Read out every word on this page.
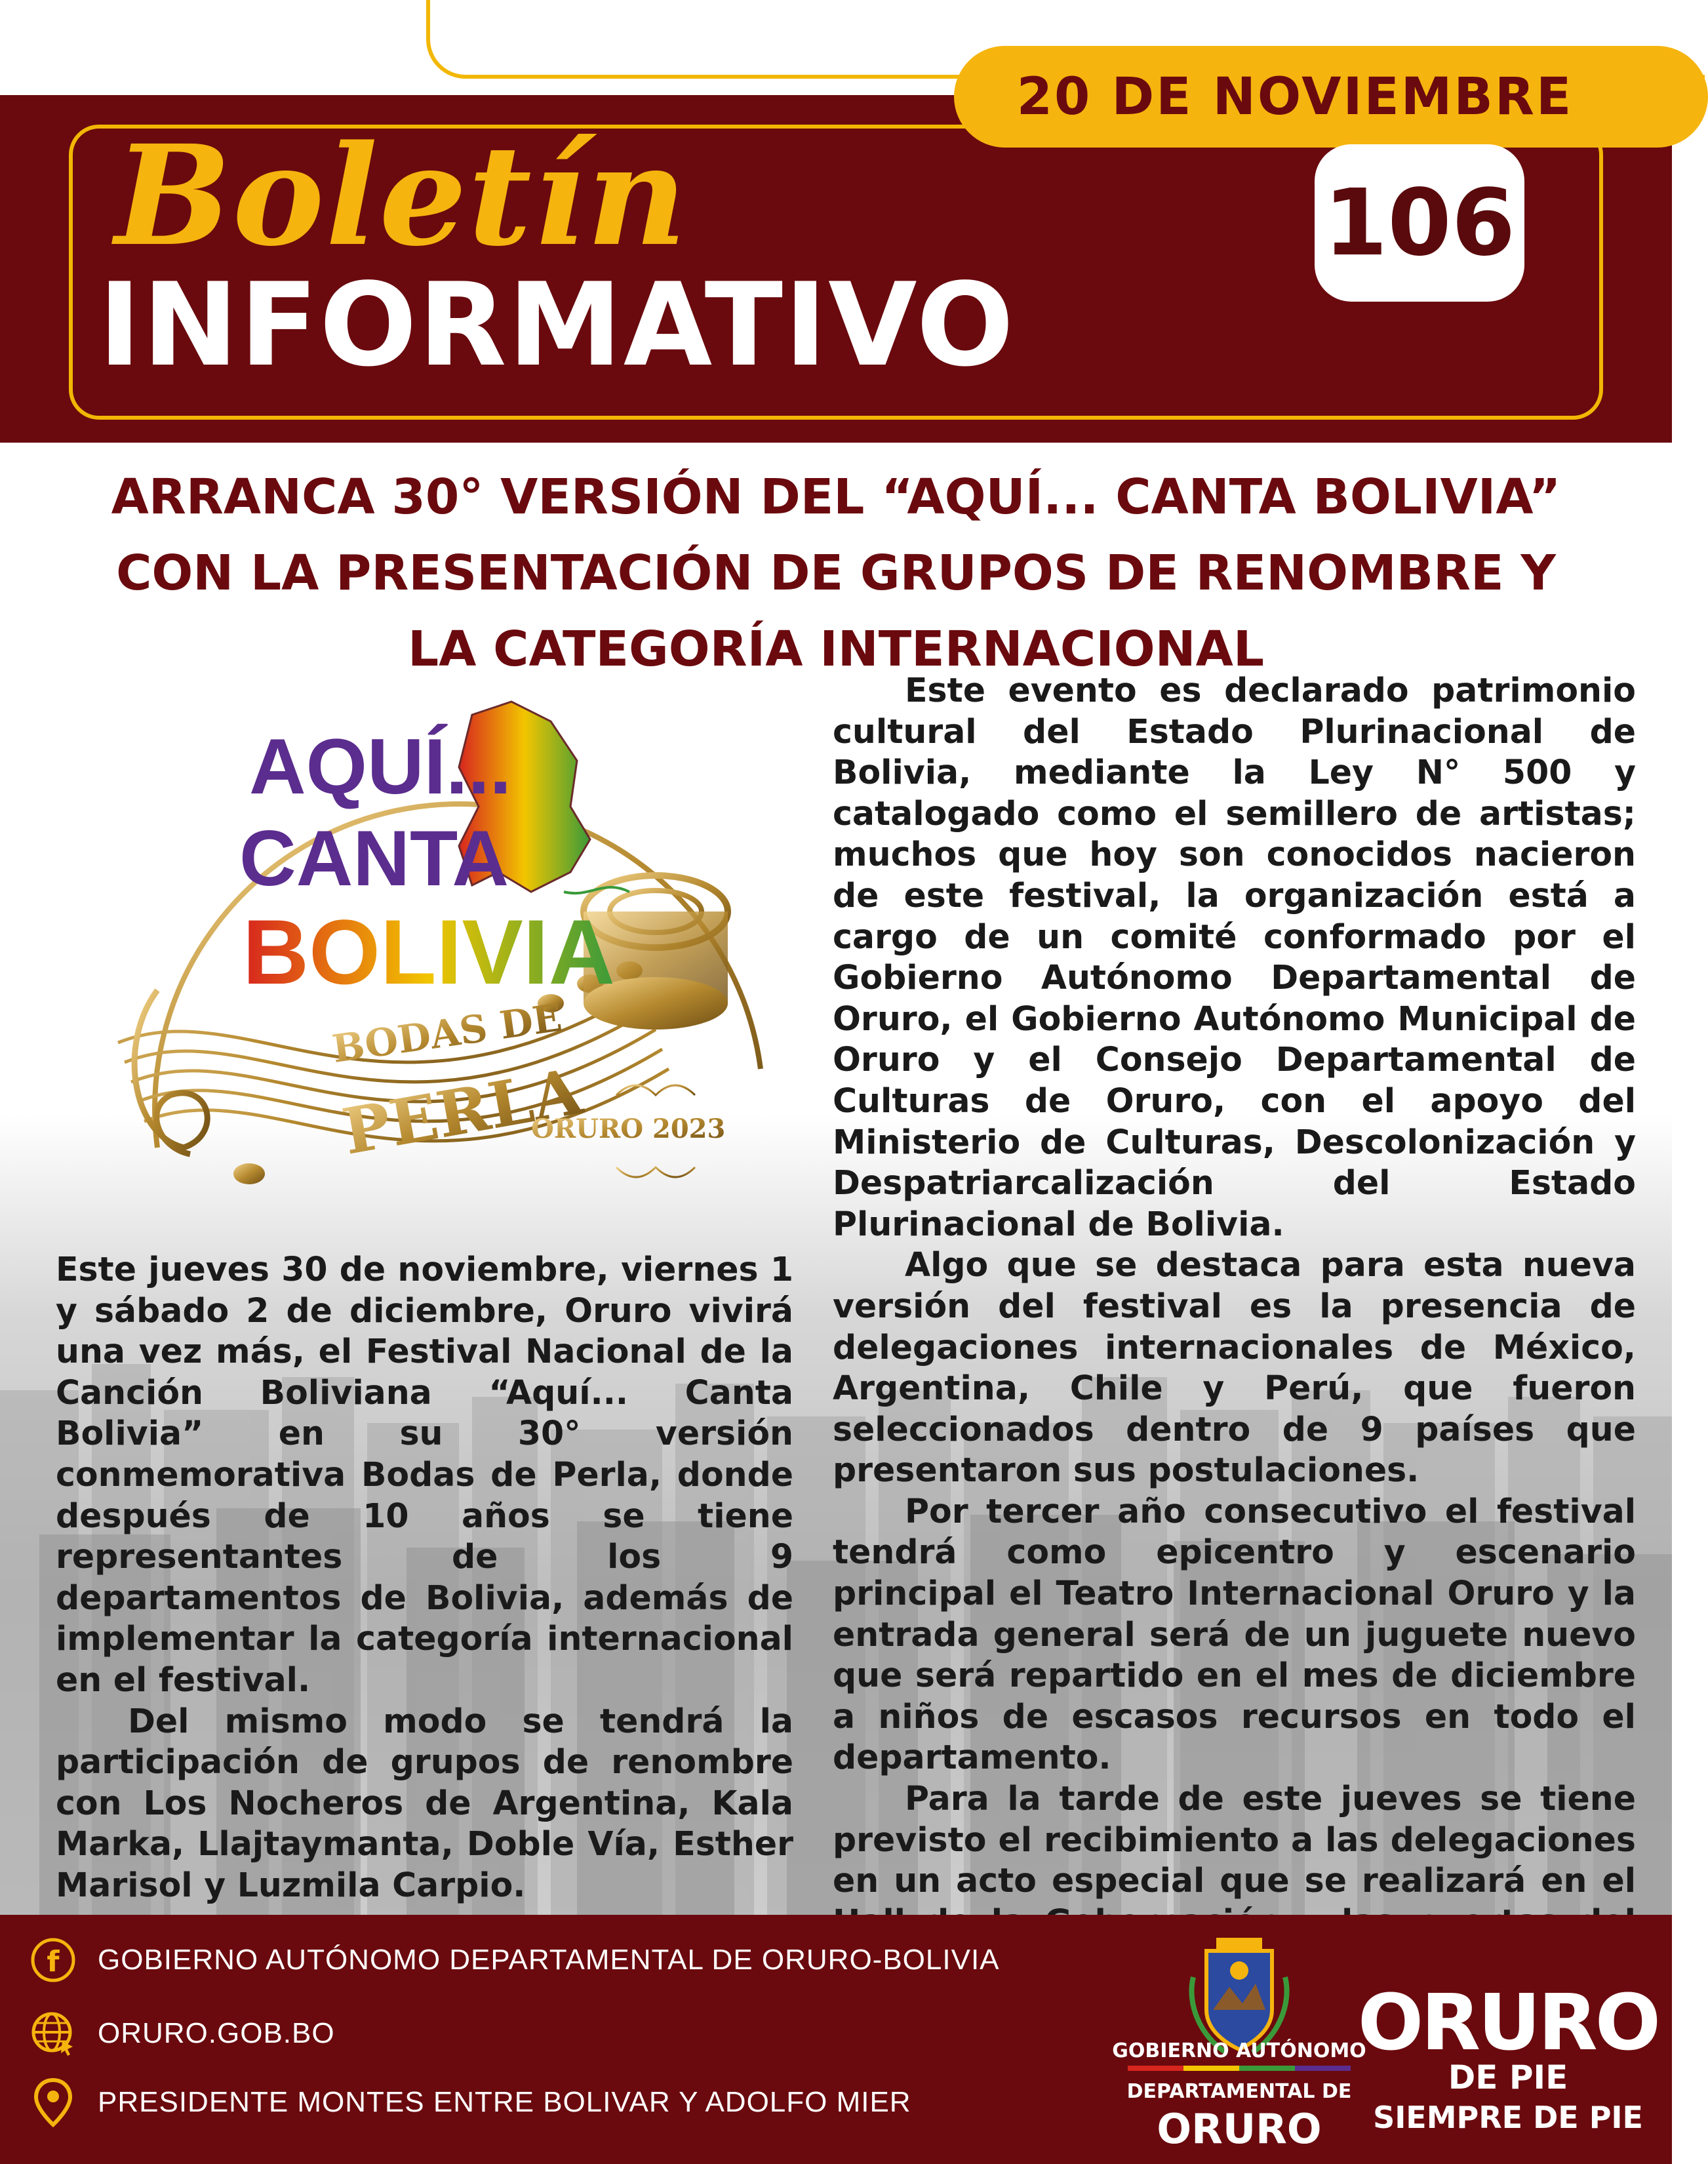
20 DE NOVIEMBRE
106
Boletín
INFORMATIVO
ARRANCA 30° VERSIÓN DEL “AQUÍ... CANTA BOLIVIA”
CON LA PRESENTACIÓN DE GRUPOS DE RENOMBRE Y
LA CATEGORÍA INTERNACIONAL
AQUÍ...
CANTA
BOLIVIA
BODAS DE
PERLA
ORURO 2023

Este evento es declarado patrimonio cultural del Estado Plurinacional de Bolivia, mediante la Ley N° 500 y catalogado como el semillero de artistas; muchos que hoy son conocidos nacieron de este festival, la organización está a cargo de un comité conformado por el Gobierno Autónomo Departamental de Oruro, el Gobierno Autónomo Municipal de Oruro y el Consejo Departamental de Culturas de Oruro, con el apoyo del Ministerio de Culturas, Descolonización y Despatriarcalización del Estado Plurinacional de Bolivia.

Algo que se destaca para esta nueva versión del festival es la presencia de delegaciones internacionales de México, Argentina, Chile y Perú, que fueron seleccionados dentro de 9 países que presentaron sus postulaciones.

Por tercer año consecutivo el festival tendrá como epicentro y escenario principal el Teatro Internacional Oruro y la entrada general será de un juguete nuevo que será repartido en el mes de diciembre a niños de escasos recursos en todo el departamento.

Para la tarde de este jueves se tiene previsto el recibimiento a las delegaciones en un acto especial que se realizará en el

Este jueves 30 de noviembre, viernes 1 y sábado 2 de diciembre, Oruro vivirá una vez más, el Festival Nacional de la Canción Boliviana “Aquí... Canta Bolivia” en su 30° versión conmemorativa Bodas de Perla, donde después de 10 años se tiene representantes de los 9 departamentos de Bolivia, además de implementar la categoría internacional en el festival.

Del mismo modo se tendrá la participación de grupos de renombre con Los Nocheros de Argentina, Kala Marka, Llajtaymanta, Doble Vía, Esther Marisol y Luzmila Carpio.

f GOBIERNO AUTÓNOMO DEPARTAMENTAL DE ORURO-BOLIVIA
ORURO.GOB.BO
PRESIDENTE MONTES ENTRE BOLIVAR Y ADOLFO MIER
GOBIERNO AUTÓNOMO
DEPARTAMENTAL DE
ORURO
ORURO
DE PIE
SIEMPRE DE PIE
